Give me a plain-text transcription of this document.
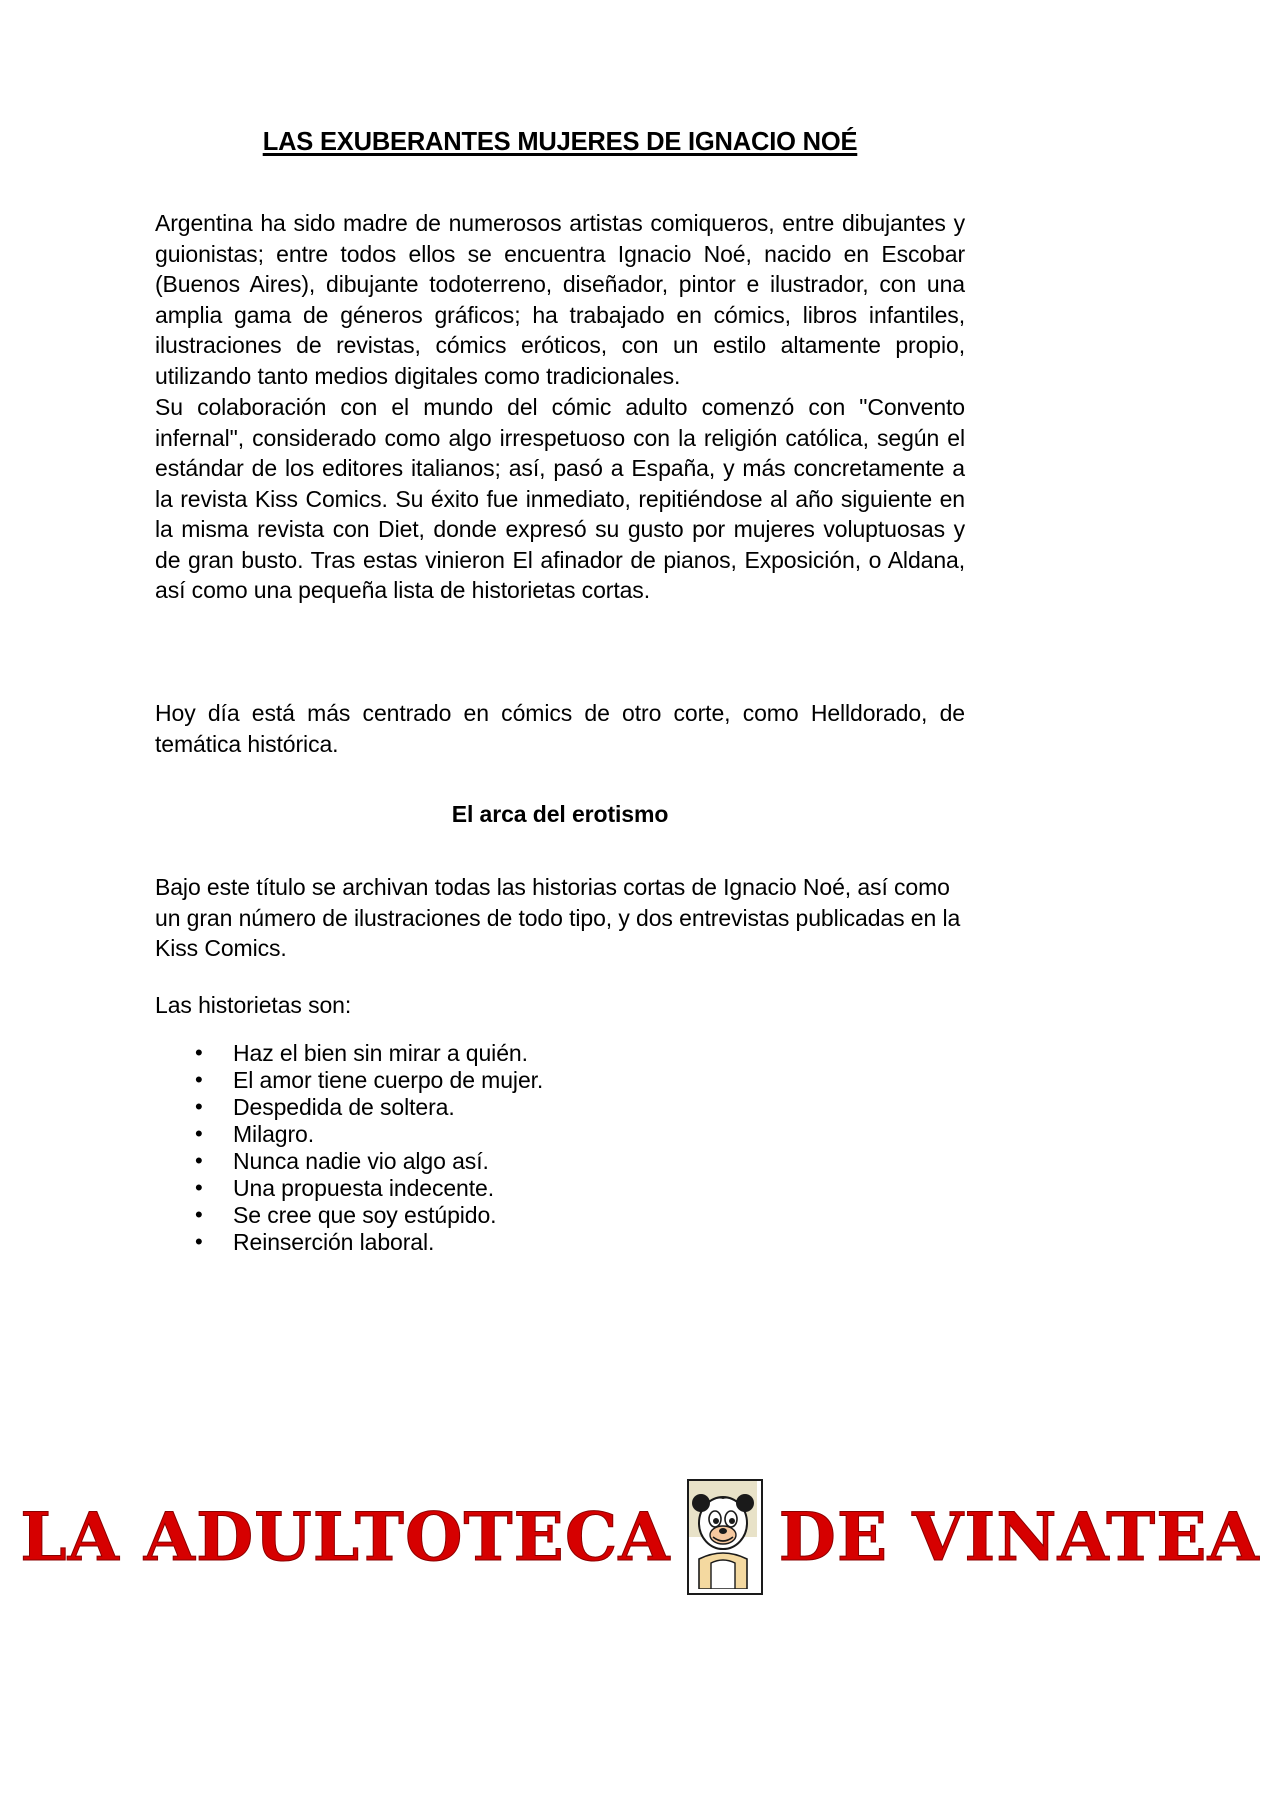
LAS EXUBERANTES MUJERES DE IGNACIO NOÉ

Argentina ha sido madre de numerosos artistas comiqueros, entre dibujantes y guionistas; entre todos ellos se encuentra Ignacio Noé, nacido en Escobar (Buenos Aires), dibujante todoterreno, diseñador, pintor e ilustrador, con una amplia gama de géneros gráficos; ha trabajado en cómics, libros infantiles, ilustraciones de revistas, cómics eróticos, con un estilo altamente propio, utilizando tanto medios digitales como tradicionales.

Su colaboración con el mundo del cómic adulto comenzó con "Convento infernal", considerado como algo irrespetuoso con la religión católica, según el estándar de los editores italianos; así, pasó a España, y más concretamente a la revista Kiss Comics. Su éxito fue inmediato, repitiéndose al año siguiente en la misma revista con Diet, donde expresó su gusto por mujeres voluptuosas y de gran busto. Tras estas vinieron El afinador de pianos, Exposición, o Aldana, así como una pequeña lista de historietas cortas.

Hoy día está más centrado en cómics de otro corte, como Helldorado, de temática histórica.

El arca del erotismo

Bajo este título se archivan todas las historias cortas de Ignacio Noé, así como un gran número de ilustraciones de todo tipo, y dos entrevistas publicadas en la Kiss Comics.

Las historietas son:

• Haz el bien sin mirar a quién.
• El amor tiene cuerpo de mujer.
• Despedida de soltera.
• Milagro.
• Nunca nadie vio algo así.
• Una propuesta indecente.
• Se cree que soy estúpido.
• Reinserción laboral.
LA ADULTOTECA DE VINATEA
